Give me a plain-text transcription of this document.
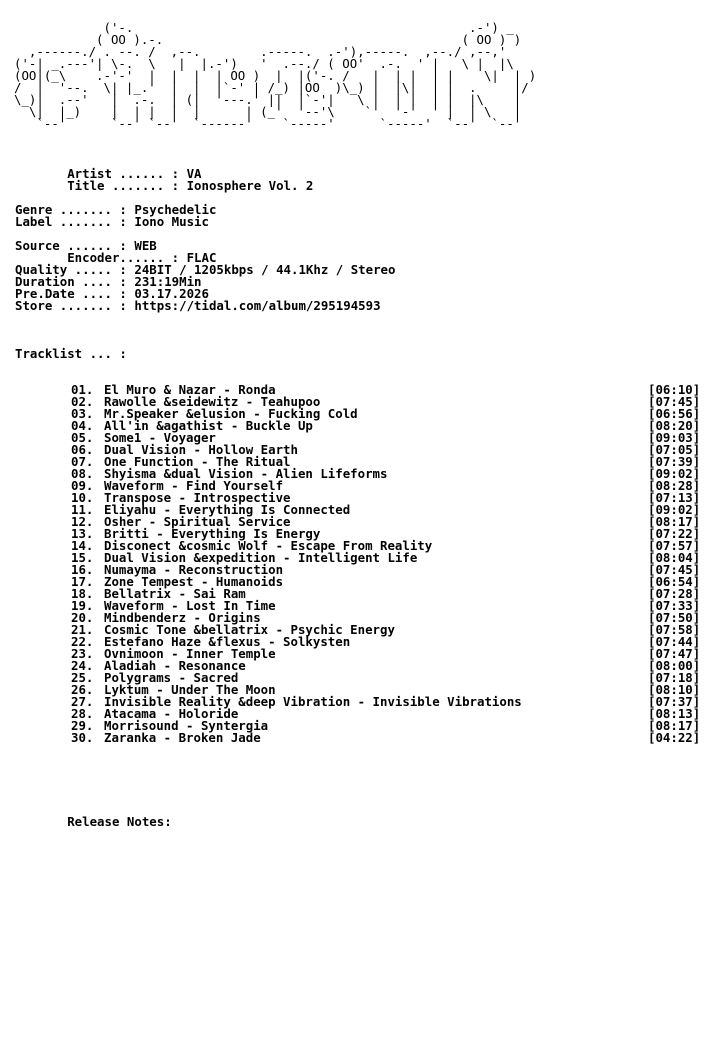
('-.                                             .-') _
( OO ).-.                                        ( OO ) )
,------./ . --. /  ,--.        .-----.  .-'),-----.  ,--./ ,--,'
('-| _.---'| \-.  \   |  |.-')   '  .--./ ( OO'  .-.  ' |   \ |  |\
(OO|(_\    .-'-'  |  |  |  | OO )  |  |('-. /   |  | |  | |    \|  | )
/  |  '--.  \| |_.'  |  |  |`-' | /_) |OO  )\_) |  |\|  | |  .     |/
\_)|  .--'   |  .-.  | (|  '---.' ||  |`-'|   \ |  | |  | |  |\    |
\|  |_)    |  | |  |  |      | (_'  '--'\    `'  '-'  ' |  | \   |
`--'      `--' `--'  `------'    `-----'      `-----'  `--'  `--'
Artist ...... : VA
Title ....... : Ionosphere Vol. 2
Genre ....... : Psychedelic
Label ....... : Iono Music
Source ...... : WEB
Encoder...... : FLAC
Quality ..... : 24BIT / 1205kbps / 44.1Khz / Stereo
Duration .... : 231:19Min
Pre.Date .... : 03.17.2026
Store ....... : https://tidal.com/album/295194593
Tracklist ... :
01. El Muro & Nazar - Ronda	[06:10]
02. Rawolle &seidewitz - Teahupoo	[07:45]
03. Mr.Speaker &elusion - Fucking Cold	[06:56]
04. All'in &agathist - Buckle Up	[08:20]
05. Some1 - Voyager	[09:03]
06. Dual Vision - Hollow Earth	[07:05]
07. One Function - The Ritual	[07:39]
08. Shyisma &dual Vision - Alien Lifeforms	[09:02]
09. Waveform - Find Yourself	[08:28]
10. Transpose - Introspective	[07:13]
11. Eliyahu - Everything Is Connected	[09:02]
12. Osher - Spiritual Service	[08:17]
13. Britti - Everything Is Energy	[07:22]
14. Disconect &cosmic Wolf - Escape From Reality	[07:57]
15. Dual Vision &expedition - Intelligent Life	[08:04]
16. Numayma - Reconstruction	[07:45]
17. Zone Tempest - Humanoids	[06:54]
18. Bellatrix - Sai Ram	[07:28]
19. Waveform - Lost In Time	[07:33]
20. Mindbenderz - Origins	[07:50]
21. Cosmic Tone &bellatrix - Psychic Energy	[07:58]
22. Estefano Haze &flexus - Solkysten	[07:44]
23. Ovnimoon - Inner Temple	[07:47]
24. Aladiah - Resonance	[08:00]
25. Polygrams - Sacred	[07:18]
26. Lyktum - Under The Moon	[08:10]
27. Invisible Reality &deep Vibration - Invisible Vibrations	[07:37]
28. Atacama - Holoride	[08:13]
29. Morrisound - Syntergia	[08:17]
30. Zaranka - Broken Jade	[04:22]
Release Notes:
